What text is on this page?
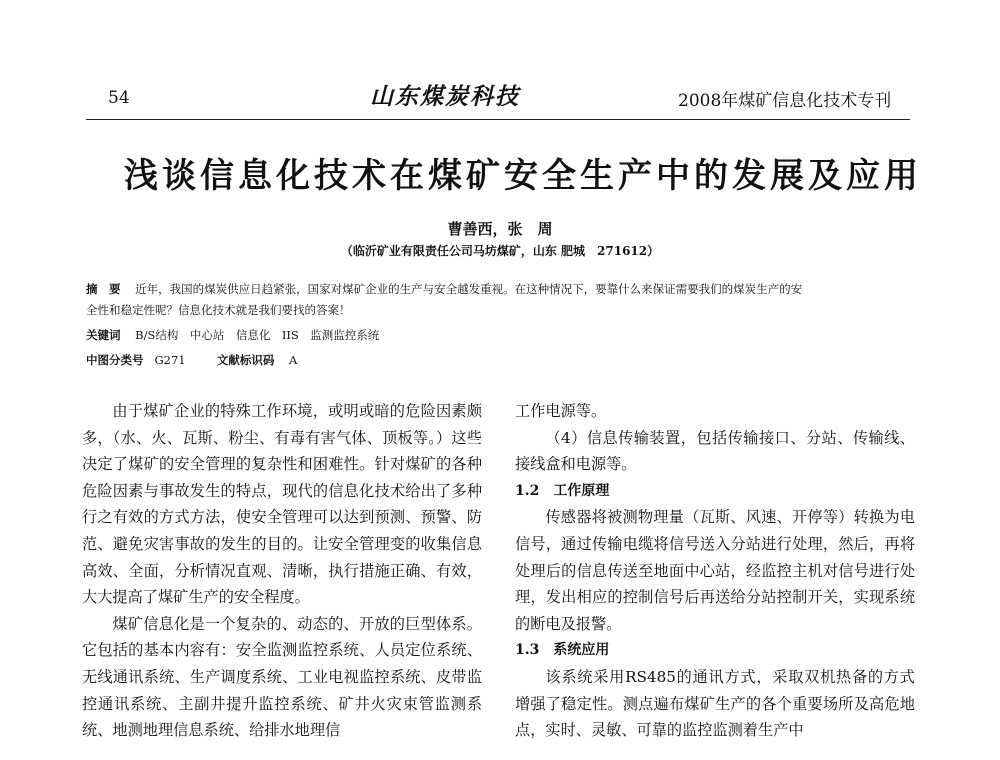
54	山东煤炭科技	2008年煤矿信息化技术专刊
浅谈信息化技术在煤矿安全生产中的发展及应用
曹善西，张　周
（临沂矿业有限责任公司马坊煤矿，山东 肥城　271612）
摘　要 近年，我国的煤炭供应日趋紧张，国家对煤矿企业的生产与安全越发重视。在这种情况下，要靠什么来保证需要我们的煤炭生产的安
全性和稳定性呢？信息化技术就是我们要找的答案！
关键词 B/S结构　中心站　信息化　IIS　监测监控系统
中图分类号 G271	文献标识码 A

由于煤矿企业的特殊工作环境，或明或暗的危险因素颇多，（水、火、瓦斯、粉尘、有毒有害气体、顶板等。）这些决定了煤矿的安全管理的复杂性和困难性。针对煤矿的各种危险因素与事故发生的特点，现代的信息化技术给出了多种行之有效的方式方法，使安全管理可以达到预测、预警、防范、避免灾害事故的发生的目的。让安全管理变的收集信息高效、全面，分析情况直观、清晰，执行措施正确、有效，大大提高了煤矿生产的安全程度。

煤矿信息化是一个复杂的、动态的、开放的巨型体系。它包括的基本内容有：安全监测监控系统、人员定位系统、无线通讯系统、生产调度系统、工业电视监控系统、皮带监控通讯系统、主副井提升监控系统、矿井火灾束管监测系统、地测地理信息系统、给排水地理信

工作电源等。

（4）信息传输装置，包括传输接口、分站、传输线、接线盒和电源等。

1.2　工作原理

传感器将被测物理量（瓦斯、风速、开停等）转换为电信号，通过传输电缆将信号送入分站进行处理，然后，再将处理后的信息传送至地面中心站，经监控主机对信号进行处理，发出相应的控制信号后再送给分站控制开关，实现系统的断电及报警。

1.3　系统应用

该系统采用RS485的通讯方式，采取双机热备的方式增强了稳定性。测点遍布煤矿生产的各个重要场所及高危地点，实时、灵敏、可靠的监控监测着生产中
